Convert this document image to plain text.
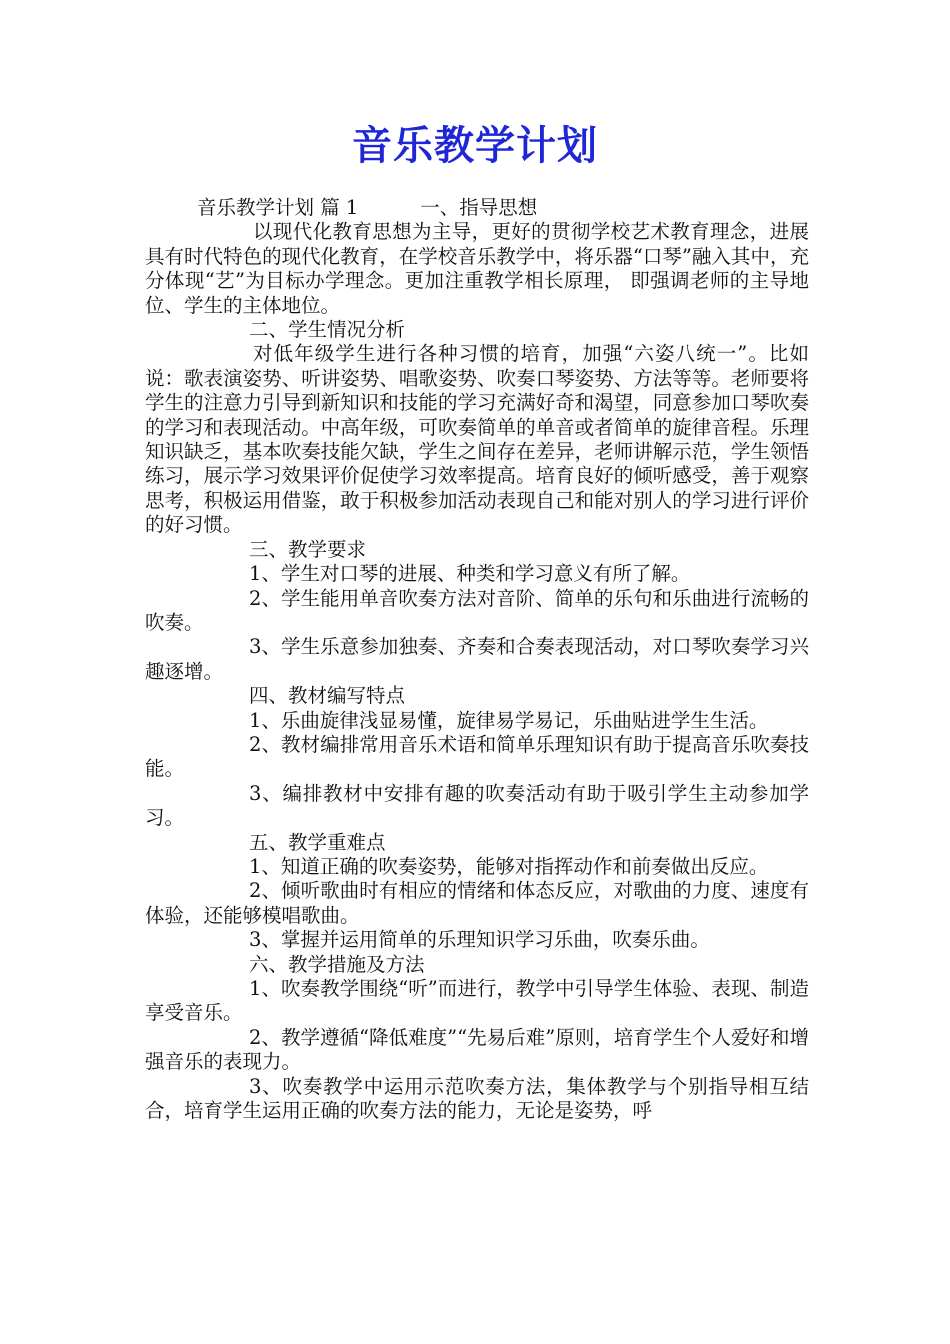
音乐教学计划

音乐教学计划 篇 1          一、指导思想

以现代化教育思想为主导，更好的贯彻学校艺术教育理念，进展具有时代特色的现代化教育，在学校音乐教学中，将乐器“口琴”融入其中，充分体现“艺”为目标办学理念。更加注重教学相长原理， 即强调老师的主导地位、学生的主体地位。

二、学生情况分析

对低年级学生进行各种习惯的培育，加强“六姿八统一”。比如说：歌表演姿势、听讲姿势、唱歌姿势、吹奏口琴姿势、方法等等。老师要将学生的注意力引导到新知识和技能的学习充满好奇和渴望，同意参加口琴吹奏的学习和表现活动。中高年级，可吹奏简单的单音或者简单的旋律音程。乐理知识缺乏，基本吹奏技能欠缺，学生之间存在差异，老师讲解示范，学生领悟练习，展示学习效果评价促使学习效率提高。培育良好的倾听感受，善于观察思考，积极运用借鉴，敢于积极参加活动表现自己和能对别人的学习进行评价的好习惯。

三、教学要求

1、学生对口琴的进展、种类和学习意义有所了解。

2、学生能用单音吹奏方法对音阶、简单的乐句和乐曲进行流畅的吹奏。

3、学生乐意参加独奏、齐奏和合奏表现活动，对口琴吹奏学习兴趣逐增。

四、教材编写特点

1、乐曲旋律浅显易懂，旋律易学易记，乐曲贴进学生生活。

2、教材编排常用音乐术语和简单乐理知识有助于提高音乐吹奏技能。

3、编排教材中安排有趣的吹奏活动有助于吸引学生主动参加学习。

五、教学重难点

1、知道正确的吹奏姿势，能够对指挥动作和前奏做出反应。

2、倾听歌曲时有相应的情绪和体态反应，对歌曲的力度、速度有体验，还能够模唱歌曲。

3、掌握并运用简单的乐理知识学习乐曲，吹奏乐曲。

六、教学措施及方法

1、吹奏教学围绕“听”而进行，教学中引导学生体验、表现、制造享受音乐。

2、教学遵循“降低难度”“先易后难”原则，培育学生个人爱好和增强音乐的表现力。

3、吹奏教学中运用示范吹奏方法，集体教学与个别指导相互结合，培育学生运用正确的吹奏方法的能力，无论是姿势，呼
